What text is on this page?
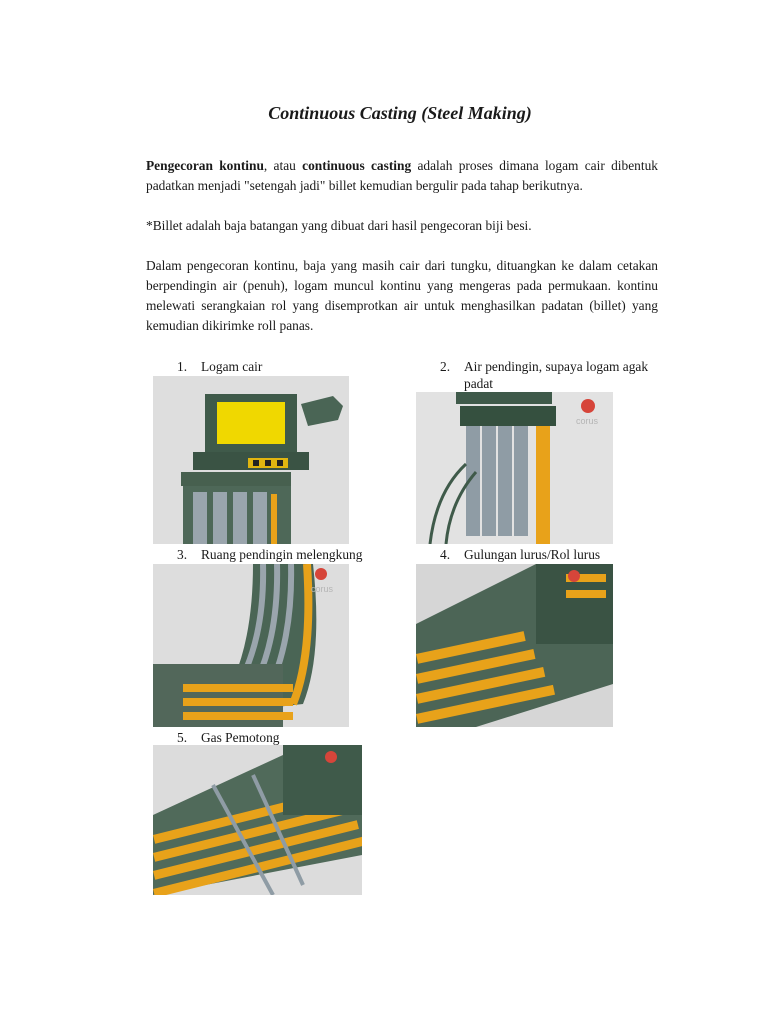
Continuous Casting (Steel Making)
Pengecoran kontinu, atau continuous casting adalah proses dimana logam cair dibentuk padatkan menjadi "setengah jadi" billet kemudian bergulir pada tahap berikutnya.
*Billet adalah baja batangan yang dibuat dari hasil pengecoran biji besi.
Dalam pengecoran kontinu, baja yang masih cair dari tungku, dituangkan ke dalam cetakan berpendingin air (penuh), logam muncul kontinu yang mengeras pada permukaan. kontinu melewati serangkaian rol yang disemprotkan air untuk menghasilkan padatan (billet) yang kemudian dikirimke roll panas.
1. Logam cair	2. Air pendingin, supaya logam agak padat
3. Ruang pendingin melengkung	4. Gulungan lurus/Rol lurus
5. Gas Pemotong
corus
corus
